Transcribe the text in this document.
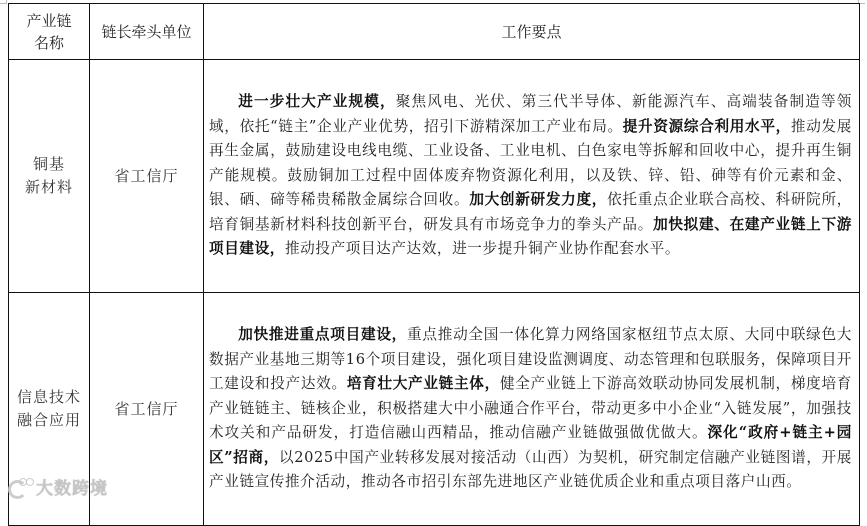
产业链
名称	链长牵头单位	工作要点
铜基
新材料	省工信厅	进一步壮大产业规模，聚焦风电、光伏、第三代半导体、新能源汽车、高端装备制造等领域，依托“链主”企业产业优势，招引下游精深加工产业布局。提升资源综合利用水平，推动发展再生金属，鼓励建设电线电缆、工业设备、工业电机、白色家电等拆解和回收中心，提升再生铜产能规模。鼓励铜加工过程中固体废弃物资源化利用，以及铁、锌、铅、砷等有价元素和金、银、硒、碲等稀贵稀散金属综合回收。加大创新研发力度，依托重点企业联合高校、科研院所，培育铜基新材料科技创新平台，研发具有市场竞争力的拳头产品。加快拟建、在建产业链上下游项目建设，推动投产项目达产达效，进一步提升铜产业协作配套水平。

信息技术
融合应用	省工信厅	加快推进重点项目建设，重点推动全国一体化算力网络国家枢纽节点太原、大同中联绿色大数据产业基地三期等16个项目建设，强化项目建设监测调度、动态管理和包联服务，保障项目开工建设和投产达效。培育壮大产业链主体，健全产业链上下游高效联动协同发展机制，梯度培育产业链链主、链核企业，积极搭建大中小融通合作平台，带动更多中小企业“入链发展”，加强技术攻关和产品研发，打造信融山西精品，推动信融产业链做强做优做大。深化“政府+链主+园区”招商，以2025中国产业转移发展对接活动（山西）为契机，研究制定信融产业链图谱，开展产业链宣传推介活动，推动各市招引东部先进地区产业链优质企业和重点项目落户山西。

大数跨境
